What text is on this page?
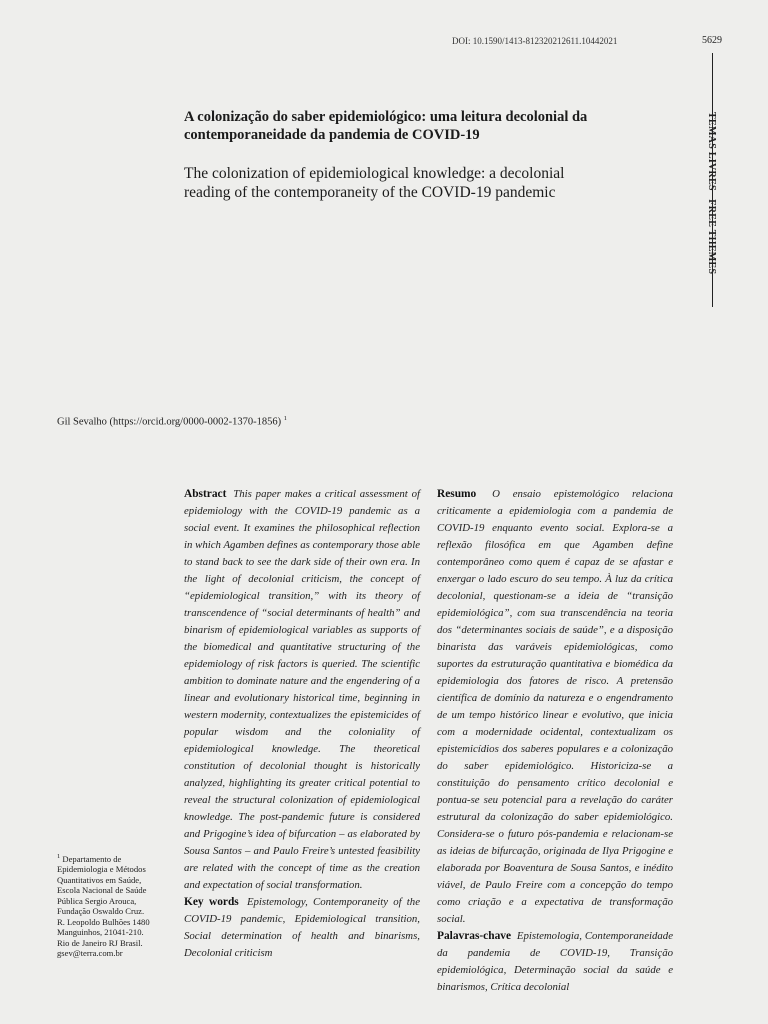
DOI: 10.1590/1413-812320212611.10442021	5629
TEMAS LIVRES   FREE THEMES
A colonização do saber epidemiológico: uma leitura decolonial da contemporaneidade da pandemia de COVID-19
The colonization of epidemiological knowledge: a decolonial reading of the contemporaneity of the COVID-19 pandemic
Gil Sevalho (https://orcid.org/0000-0002-1370-1856) $^1$
Abstract This paper makes a critical assessment of epidemiology with the COVID-19 pandemic as a social event. It examines the philosophical reflection in which Agamben defines as contemporary those able to stand back to see the dark side of their own era. In the light of decolonial criticism, the concept of “epidemiological transition,” with its theory of transcendence of “social determinants of health” and binarism of epidemiological variables as supports of the biomedical and quantitative structuring of the epidemiology of risk factors is queried. The scientific ambition to dominate nature and the engendering of a linear and evolutionary historical time, beginning in western modernity, contextualizes the epistemicides of popular wisdom and the coloniality of epidemiological knowledge. The theoretical constitution of decolonial thought is historically analyzed, highlighting its greater critical potential to reveal the structural colonization of epidemiological knowledge. The post-pandemic future is considered and Prigogine’s idea of bifurcation – as elaborated by Sousa Santos – and Paulo Freire’s untested feasibility are related with the concept of time as the creation and expectation of social transformation.
Key words Epistemology, Contemporaneity of the COVID-19 pandemic, Epidemiological transition, Social determination of health and binarisms, Decolonial criticism
Resumo O ensaio epistemológico relaciona criticamente a epidemiologia com a pandemia de COVID-19 enquanto evento social. Explora-se a reflexão filosófica em que Agamben define contemporâneo como quem é capaz de se afastar e enxergar o lado escuro do seu tempo. À luz da crítica decolonial, questionam-se a ideia de “transição epidemiológica”, com sua transcendência na teoria dos “determinantes sociais de saúde”, e a disposição binarista das varáveis epidemiológicas, como suportes da estruturação quantitativa e biomédica da epidemiologia dos fatores de risco. A pretensão científica de domínio da natureza e o engendramento de um tempo histórico linear e evolutivo, que inicia com a modernidade ocidental, contextualizam os epistemicídios dos saberes populares e a colonização do saber epidemiológico. Historiciza-se a constituição do pensamento crítico decolonial e pontua-se seu potencial para a revelação do caráter estrutural da colonização do saber epidemiológico. Considera-se o futuro pós-pandemia e relacionam-se as ideias de bifurcação, originada de Ilya Prigogine e elaborada por Boaventura de Sousa Santos, e inédito viável, de Paulo Freire com a concepção do tempo como criação e a expectativa de transformação social.
Palavras-chave Epistemologia, Contemporaneidade da pandemia de COVID-19, Transição epidemiológica, Determinação social da saúde e binarismos, Crítica decolonial
$^1$ Departamento de
Epidemiologia e Métodos
Quantitativos em Saúde,
Escola Nacional de Saúde
Pública Sergio Arouca,
Fundação Oswaldo Cruz.
R. Leopoldo Bulhões 1480
Manguinhos, 21041-210.
Rio de Janeiro RJ Brasil.
gsev@terra.com.br
